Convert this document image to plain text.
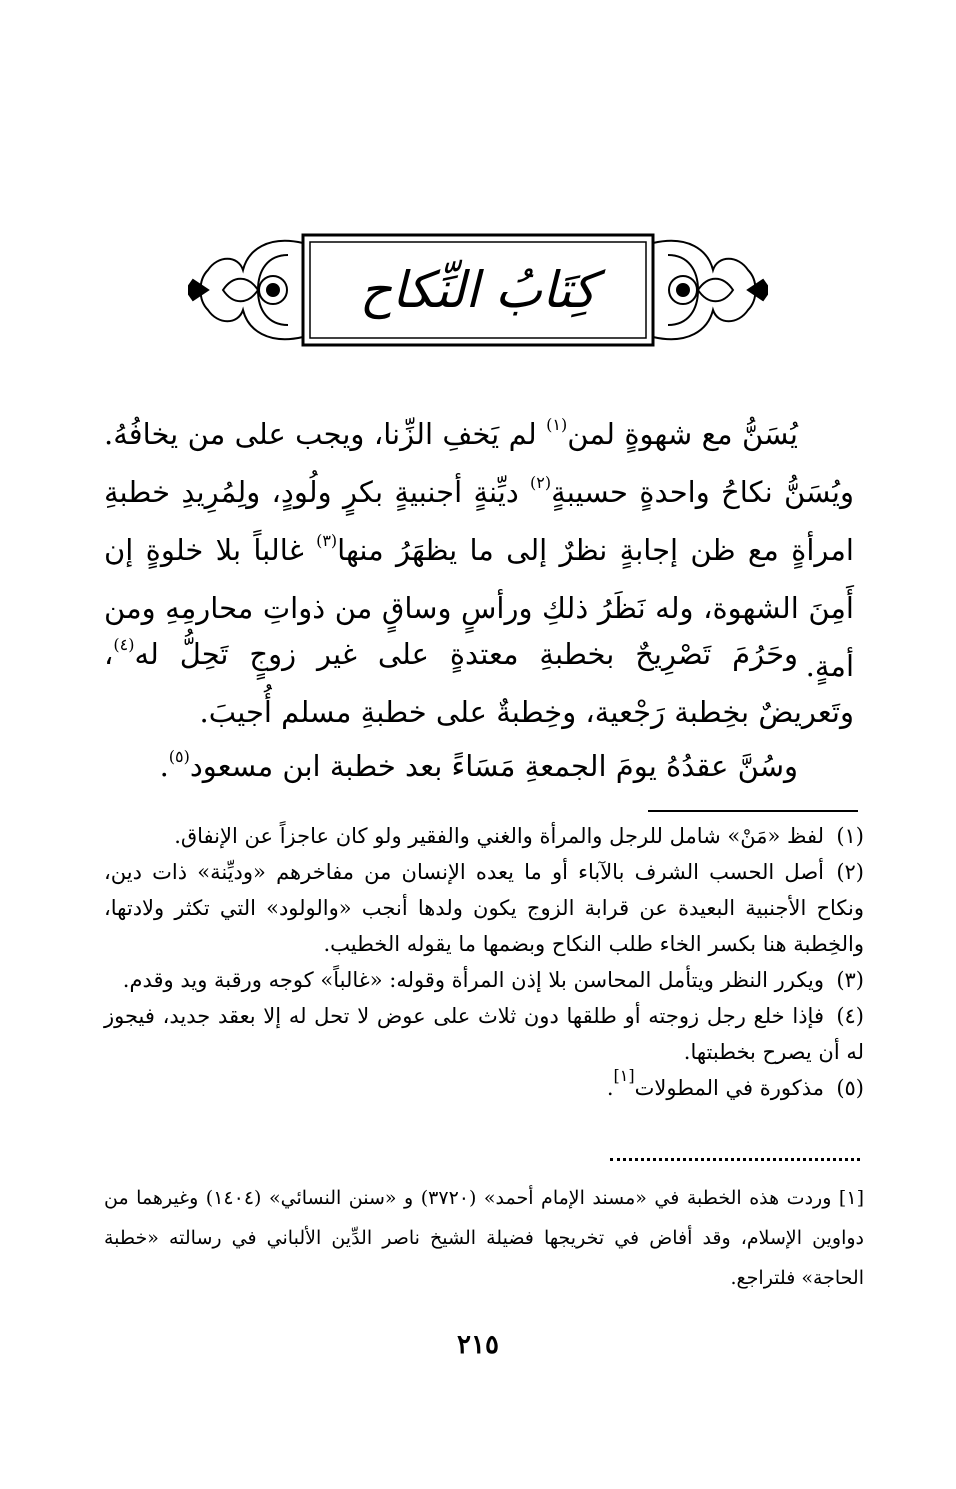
كِتَابُ النِّكاح

يُسَنُّ مع شهوةٍ لمن$^{(١)}$ لم يَخفِ الزِّنا، ويجب على من يخافُهُ. ويُسَنُّ نكاحُ واحدةٍ حسيبةٍ$^{(٢)}$ ديِّنةٍ أجنبيةٍ بكرٍ ولُودٍ، ولِمُرِيدِ خطبةِ امرأةٍ مع ظن إجابةٍ نظرٌ إلى ما يظهَرُ منها$^{(٣)}$ غالباً بلا خلوةٍ إن أَمِنَ الشهوة، وله نَظَرُ ذلكِ ورأسٍ وساقٍ من ذواتِ محارمِهِ ومن أمةٍ.

وحَرُمَ تَصْرِيحٌ بخطبةِ معتدةٍ على غير زوجٍ تَحِلُّ له$^{(٤)}$، وتَعريضٌ بخِطبة رَجْعية، وخِطبةٌ على خطبةِ مسلم أُجيبَ.

وسُنَّ عقدُهُ يومَ الجمعةِ مَسَاءً بعد خطبة ابن مسعود$^{(٥)}$.

(١)لفظ «مَنْ» شامل للرجل والمرأة والغني والفقير ولو كان عاجزاً عن الإنفاق.

(٢)أصل الحسب الشرف بالآباء أو ما يعده الإنسان من مفاخرهم «وديِّنة» ذات دين، ونكاح الأجنبية البعيدة عن قرابة الزوج يكون ولدها أنجب «والولود» التي تكثر ولادتها، والخِطبة هنا بكسر الخاء طلب النكاح وبضمها ما يقوله الخطيب.

(٣)ويكرر النظر ويتأمل المحاسن بلا إذن المرأة وقوله: «غالباً» كوجه ورقبة ويد وقدم.

(٤)فإذا خلع رجل زوجته أو طلقها دون ثلاث على عوض لا تحل له إلا بعقد جديد، فيجوز له أن يصرح بخطبتها.

(٥)مذكورة في المطولات[١].

[١] وردت هذه الخطبة في «مسند الإمام أحمد» (٣٧٢٠) و «سنن النسائي» (١٤٠٤) وغيرهما من دواوين الإسلام، وقد أفاض في تخريجها فضيلة الشيخ ناصر الدِّين الألباني في رسالته «خطبة الحاجة» فلتراجع.

٢١٥
